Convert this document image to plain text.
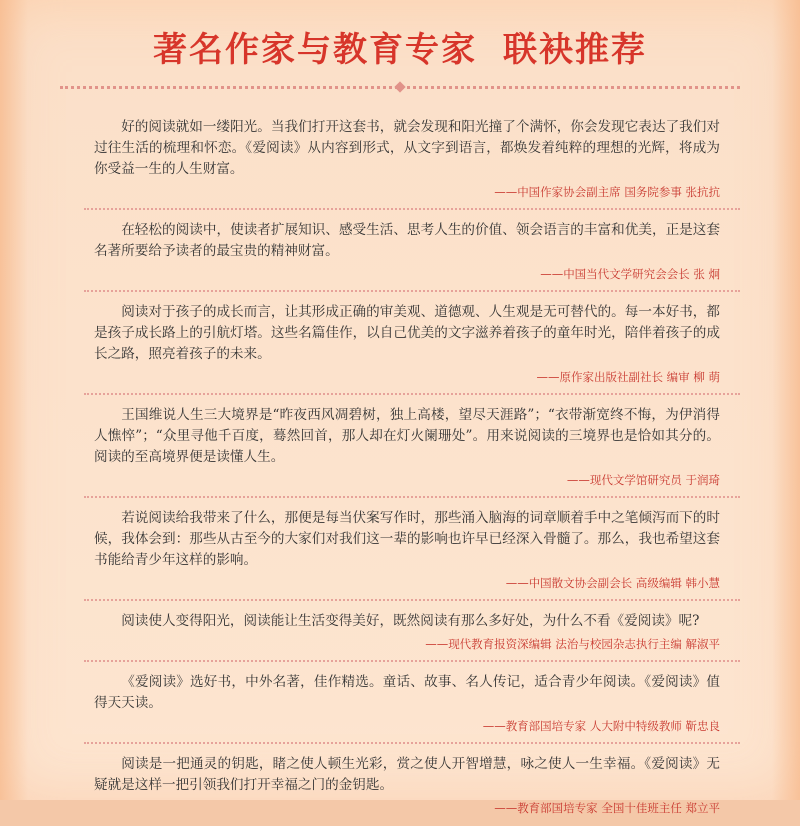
著名作家与教育专家 联袂推荐

好的阅读就如一缕阳光。当我们打开这套书，就会发现和阳光撞了个满怀，你会发现它表达了我们对过往生活的梳理和怀恋。《爱阅读》从内容到形式，从文字到语言，都焕发着纯粹的理想的光辉，将成为你受益一生的人生财富。

——中国作家协会副主席 国务院参事 张抗抗

在轻松的阅读中，使读者扩展知识、感受生活、思考人生的价值、领会语言的丰富和优美，正是这套名著所要给予读者的最宝贵的精神财富。

——中国当代文学研究会会长 张 炯

阅读对于孩子的成长而言，让其形成正确的审美观、道德观、人生观是无可替代的。每一本好书，都是孩子成长路上的引航灯塔。这些名篇佳作，以自己优美的文字滋养着孩子的童年时光，陪伴着孩子的成长之路，照亮着孩子的未来。

——原作家出版社副社长 编审 柳 萌

王国维说人生三大境界是“昨夜西风凋碧树，独上高楼，望尽天涯路”；“衣带渐宽终不悔，为伊消得人憔悴”；“众里寻他千百度，蓦然回首，那人却在灯火阑珊处”。用来说阅读的三境界也是恰如其分的。阅读的至高境界便是读懂人生。

——现代文学馆研究员 于润琦

若说阅读给我带来了什么，那便是每当伏案写作时，那些涌入脑海的词章顺着手中之笔倾泻而下的时候，我体会到：那些从古至今的大家们对我们这一辈的影响也许早已经深入骨髓了。那么，我也希望这套书能给青少年这样的影响。

——中国散文协会副会长 高级编辑 韩小慧

阅读使人变得阳光，阅读能让生活变得美好，既然阅读有那么多好处，为什么不看《爱阅读》呢?

——现代教育报资深编辑 法治与校园杂志执行主编 解淑平

《爱阅读》选好书，中外名著，佳作精选。童话、故事、名人传记，适合青少年阅读。《爱阅读》值得天天读。

——教育部国培专家 人大附中特级教师 靳忠良

阅读是一把通灵的钥匙，睹之使人顿生光彩，赏之使人开智增慧，咏之使人一生幸福。《爱阅读》无疑就是这样一把引领我们打开幸福之门的金钥匙。

——教育部国培专家 全国十佳班主任 郑立平
